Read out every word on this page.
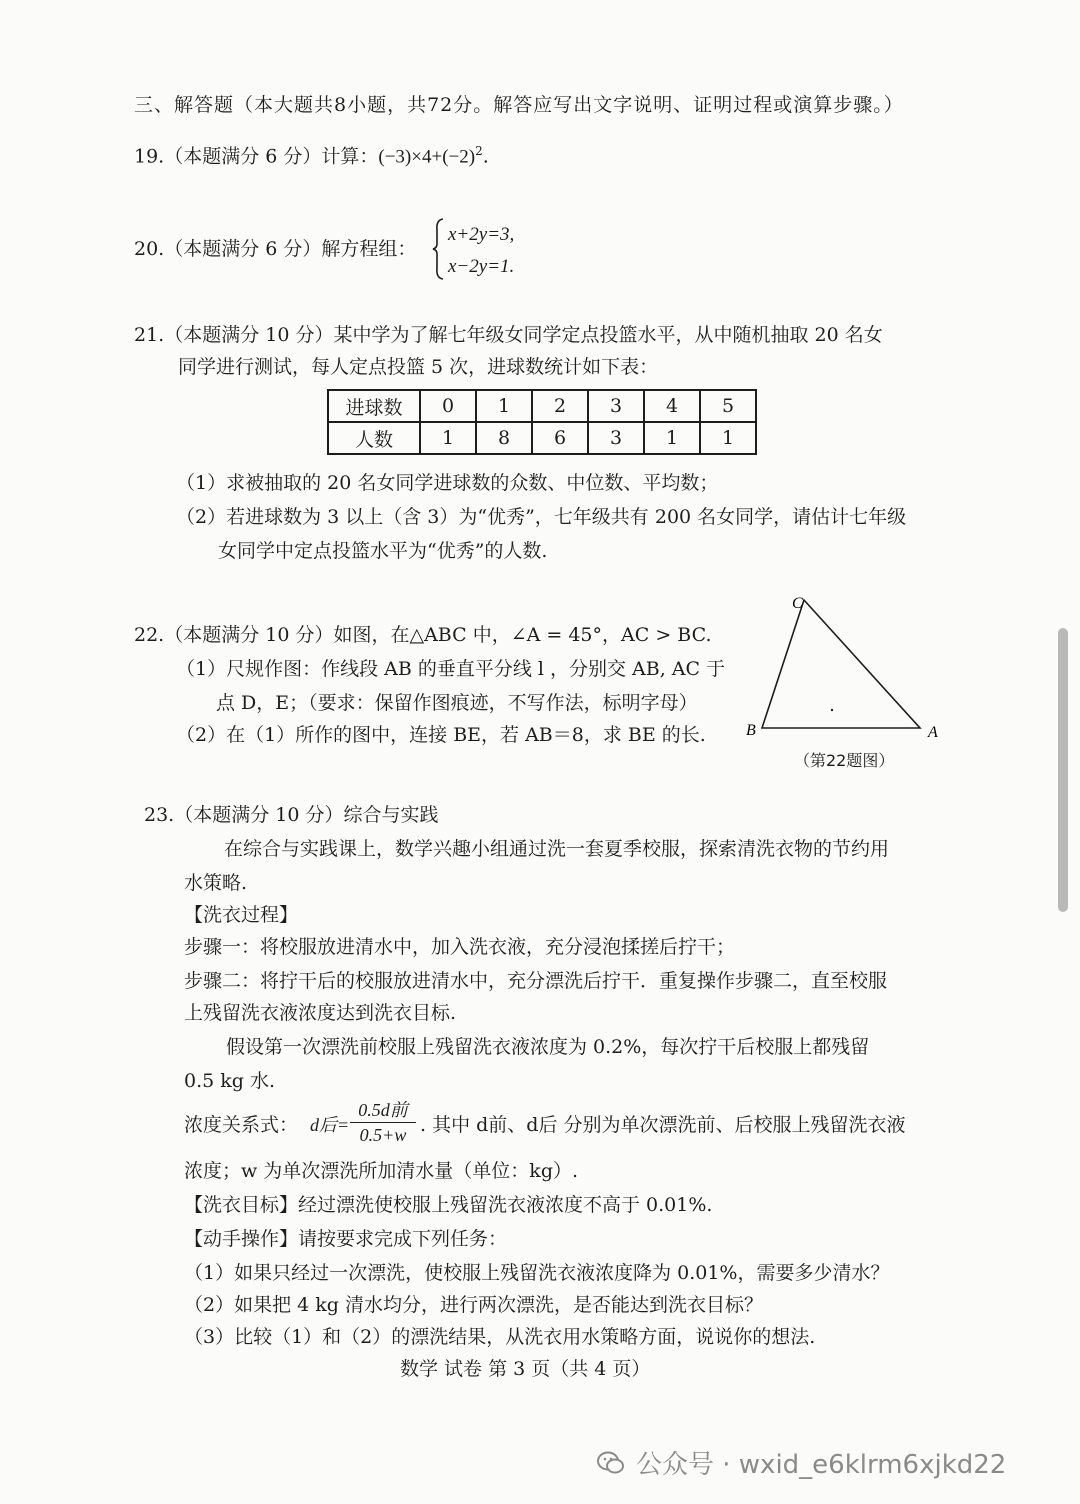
三、解答题（本大题共8小题，共72分。解答应写出文字说明、证明过程或演算步骤。）
19.（本题满分 6 分）计算：$(-3)\times 4+(-2)^2$.
20.（本题满分 6 分）解方程组：
x+2y=3,
x−2y=1.
21.（本题满分 10 分）某中学为了解七年级女同学定点投篮水平，从中随机抽取 20 名女
同学进行测试，每人定点投篮 5 次，进球数统计如下表：
进球数	0	1	2	3	4	5
人数	1	8	6	3	1	1
（1）求被抽取的 20 名女同学进球数的众数、中位数、平均数；
（2）若进球数为 3 以上（含 3）为“优秀”，七年级共有 200 名女同学，请估计七年级
女同学中定点投篮水平为“优秀”的人数.
22.（本题满分 10 分）如图，在△ABC 中，∠A = 45°，AC > BC.
（1）尺规作图：作线段 AB 的垂直平分线 l ，分别交 AB, AC 于
点 D，E；（要求：保留作图痕迹，不写作法，标明字母）
（2）在（1）所作的图中，连接 BE，若 AB＝8，求 BE 的长.
C
B	A
（第22题图）
23.（本题满分 10 分）综合与实践
在综合与实践课上，数学兴趣小组通过洗一套夏季校服，探索清洗衣物的节约用
水策略.
【洗衣过程】
步骤一：将校服放进清水中，加入洗衣液，充分浸泡揉搓后拧干；
步骤二：将拧干后的校服放进清水中，充分漂洗后拧干．重复操作步骤二，直至校服
上残留洗衣液浓度达到洗衣目标.
假设第一次漂洗前校服上残留洗衣液浓度为 0.2%，每次拧干后校服上都残留
0.5 kg 水.
浓度关系式： d后=
0.5d前
0.5+w . 其中 d前、d后 分别为单次漂洗前、后校服上残留洗衣液
浓度；w 为单次漂洗所加清水量（单位：kg）.
【洗衣目标】经过漂洗使校服上残留洗衣液浓度不高于 0.01%.
【动手操作】请按要求完成下列任务：
（1）如果只经过一次漂洗，使校服上残留洗衣液浓度降为 0.01%，需要多少清水？
（2）如果把 4 kg 清水均分，进行两次漂洗，是否能达到洗衣目标？
（3）比较（1）和（2）的漂洗结果，从洗衣用水策略方面，说说你的想法.
数学 试卷 第 3 页（共 4 页）
公众号 · wxid_e6klrm6xjkd22
